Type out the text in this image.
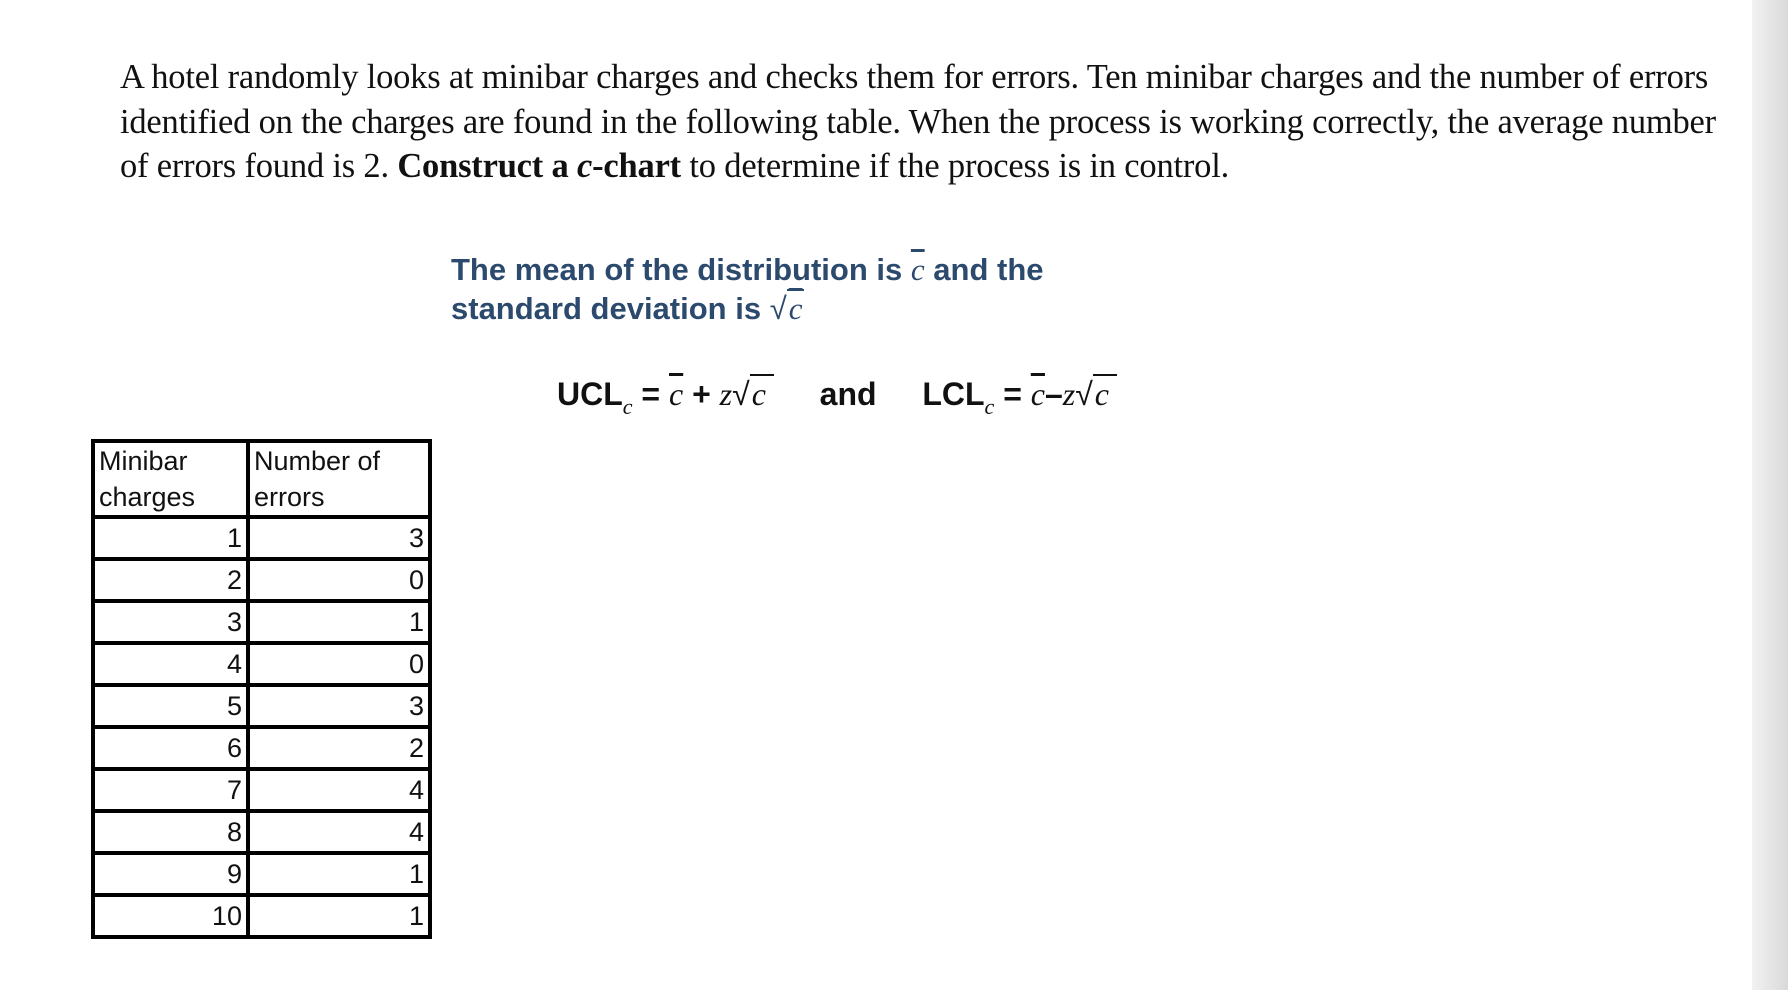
A hotel randomly looks at minibar charges and checks them for errors. Ten minibar charges and the number of errors identified on the charges are found in the following table. When the process is working correctly, the average number of errors found is 2. Construct a c-chart to determine if the process is in control.

The mean of the distribution is $\overline{c}$ and the
standard deviation is √c
$UCL_c = \overline{c} + z√c$ and $LCL_c = \overline{c}-z√c$
Minibar charges	Number of errors
1	3
2	0
3	1
4	0
5	3
6	2
7	4
8	4
9	1
10	1
